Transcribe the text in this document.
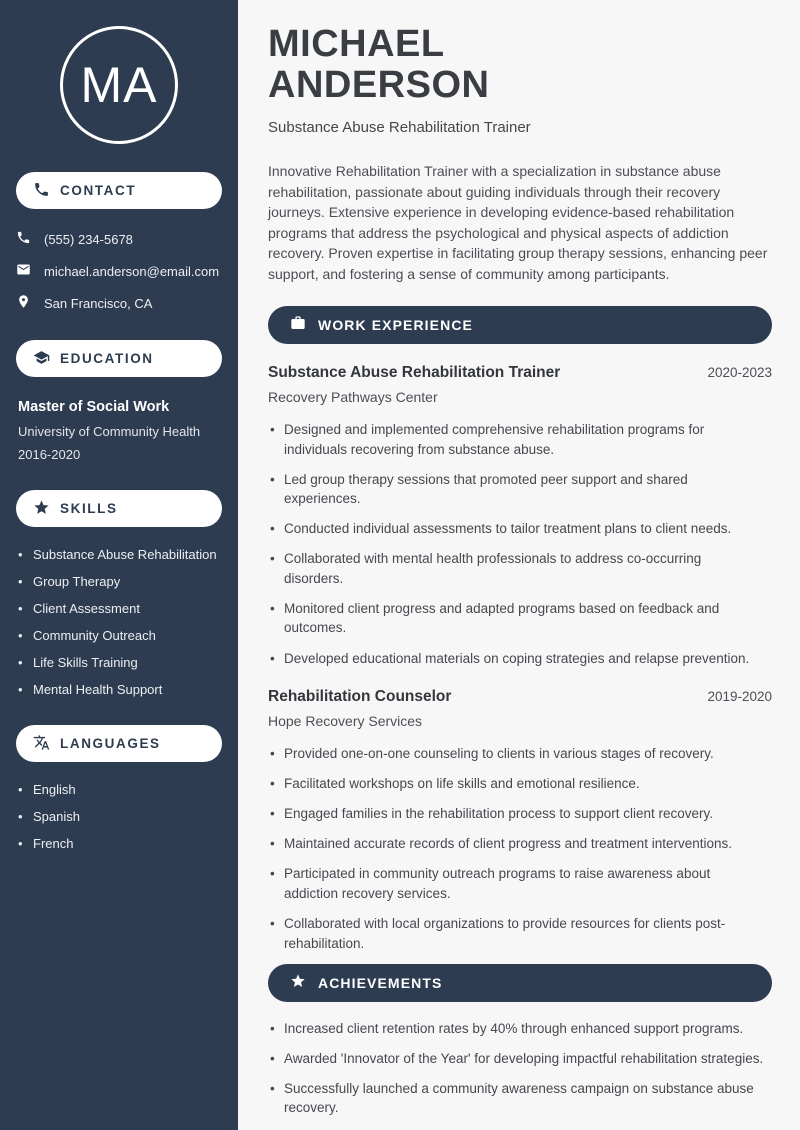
MA
CONTACT
(555) 234-5678
michael.anderson@email.com
San Francisco, CA
EDUCATION
Master of Social Work
University of Community Health
2016-2020
SKILLS
• Substance Abuse Rehabilitation
• Group Therapy
• Client Assessment
• Community Outreach
• Life Skills Training
• Mental Health Support
LANGUAGES
• English
• Spanish
• French
MICHAEL
ANDERSON
Substance Abuse Rehabilitation Trainer

Innovative Rehabilitation Trainer with a specialization in substance abuse rehabilitation, passionate about guiding individuals through their recovery journeys. Extensive experience in developing evidence-based rehabilitation programs that address the psychological and physical aspects of addiction recovery. Proven expertise in facilitating group therapy sessions, enhancing peer support, and fostering a sense of community among participants.

WORK EXPERIENCE
Substance Abuse Rehabilitation Trainer	2020-2023
Recovery Pathways Center
• Designed and implemented comprehensive rehabilitation programs for individuals recovering from substance abuse.
• Led group therapy sessions that promoted peer support and shared experiences.
• Conducted individual assessments to tailor treatment plans to client needs.
• Collaborated with mental health professionals to address co-occurring disorders.
• Monitored client progress and adapted programs based on feedback and outcomes.
• Developed educational materials on coping strategies and relapse prevention.
Rehabilitation Counselor	2019-2020
Hope Recovery Services
• Provided one-on-one counseling to clients in various stages of recovery.
• Facilitated workshops on life skills and emotional resilience.
• Engaged families in the rehabilitation process to support client recovery.
• Maintained accurate records of client progress and treatment interventions.
• Participated in community outreach programs to raise awareness about addiction recovery services.
• Collaborated with local organizations to provide resources for clients post-rehabilitation.
ACHIEVEMENTS
• Increased client retention rates by 40% through enhanced support programs.
• Awarded 'Innovator of the Year' for developing impactful rehabilitation strategies.
• Successfully launched a community awareness campaign on substance abuse recovery.
